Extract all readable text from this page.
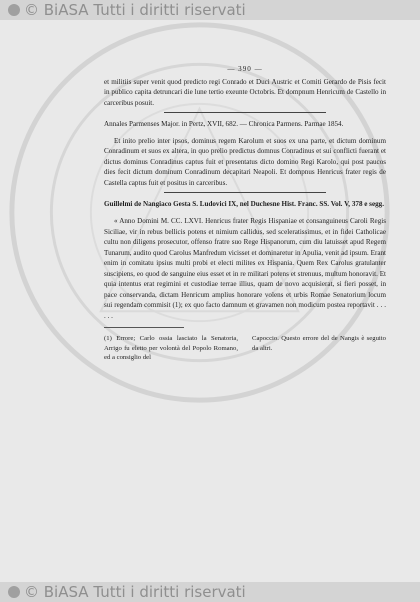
© BiASA Tutti i diritti riservati
— 390 —

et militiis super venit quod predicto regi Conrado et Duci Austric et Comiti Gerardo de Pisis fecit in publico capita detruncari die lune tertio exeunte Octobris. Et dompnum Henricum de Castello in carceribus posuit.

Annales Parmenses Major. in Pertz, XVII, 682. — Chronica Parmens. Parmae 1854.

Et inito prelio inter ipsos, dominus regem Karolum et suos ex una parte, et dictum dominum Conradinum et suos ex altera, in quo prelio predictus domnus Conradinus et sui conflicti fuerant et dictus dominus Conradinus captus fuit et presentatus dicto domino Regi Karolo, qui post paucos dies fecit dictum dominum Conradinum decapitari Neapoli. Et dompnus Henricus frater regis de Castella captus fuit et positus in carceribus.

Guillelmi de Nangiaco Gesta S. Ludovici IX, nel Duchesne Hist. Franc. SS. Vol. V, 378 e segg.

« Anno Domini M. CC. LXVI. Henricus frater Regis Hispaniae et consanguineus Caroli Regis Siciliae, vir in rebus bellicis potens et nimium callidus, sed sceleratissimus, et in fidei Catholicae cultu non diligens prosecutor, offenso fratre suo Rege Hispanorum, cum diu latuisset apud Regem Tunarum, audito quod Carolus Manfredum vicisset et dominaretur in Apulia, venit ad ipsum. Erant enim in comitatu ipsius multi probi et electi milites ex Hispania. Quem Rex Carolus gratulanter suscipiens, eo quod de sanguine eius esset et in re militari potens et strenuus, multum honoravit. Et quia intentus erat regimini et custodiae terrae illius, quam de novo acquisierat, si fieri posset, in pace conservanda, dictam Henricum amplius honorare volens et urbis Romae Senatorium locum sui regendam commisit (1); ex quo facto damnum et gravamen non modicum postea reportavit . . . . . .

(1) Errore; Carlo ossia lasciato la Senatoria, Arrigo fu eletto per volontà del Popolo Romano, ed a consiglio del
Capoccio. Questo errore del de Nangis è seguito da altri.
© BiASA Tutti i diritti riservati
